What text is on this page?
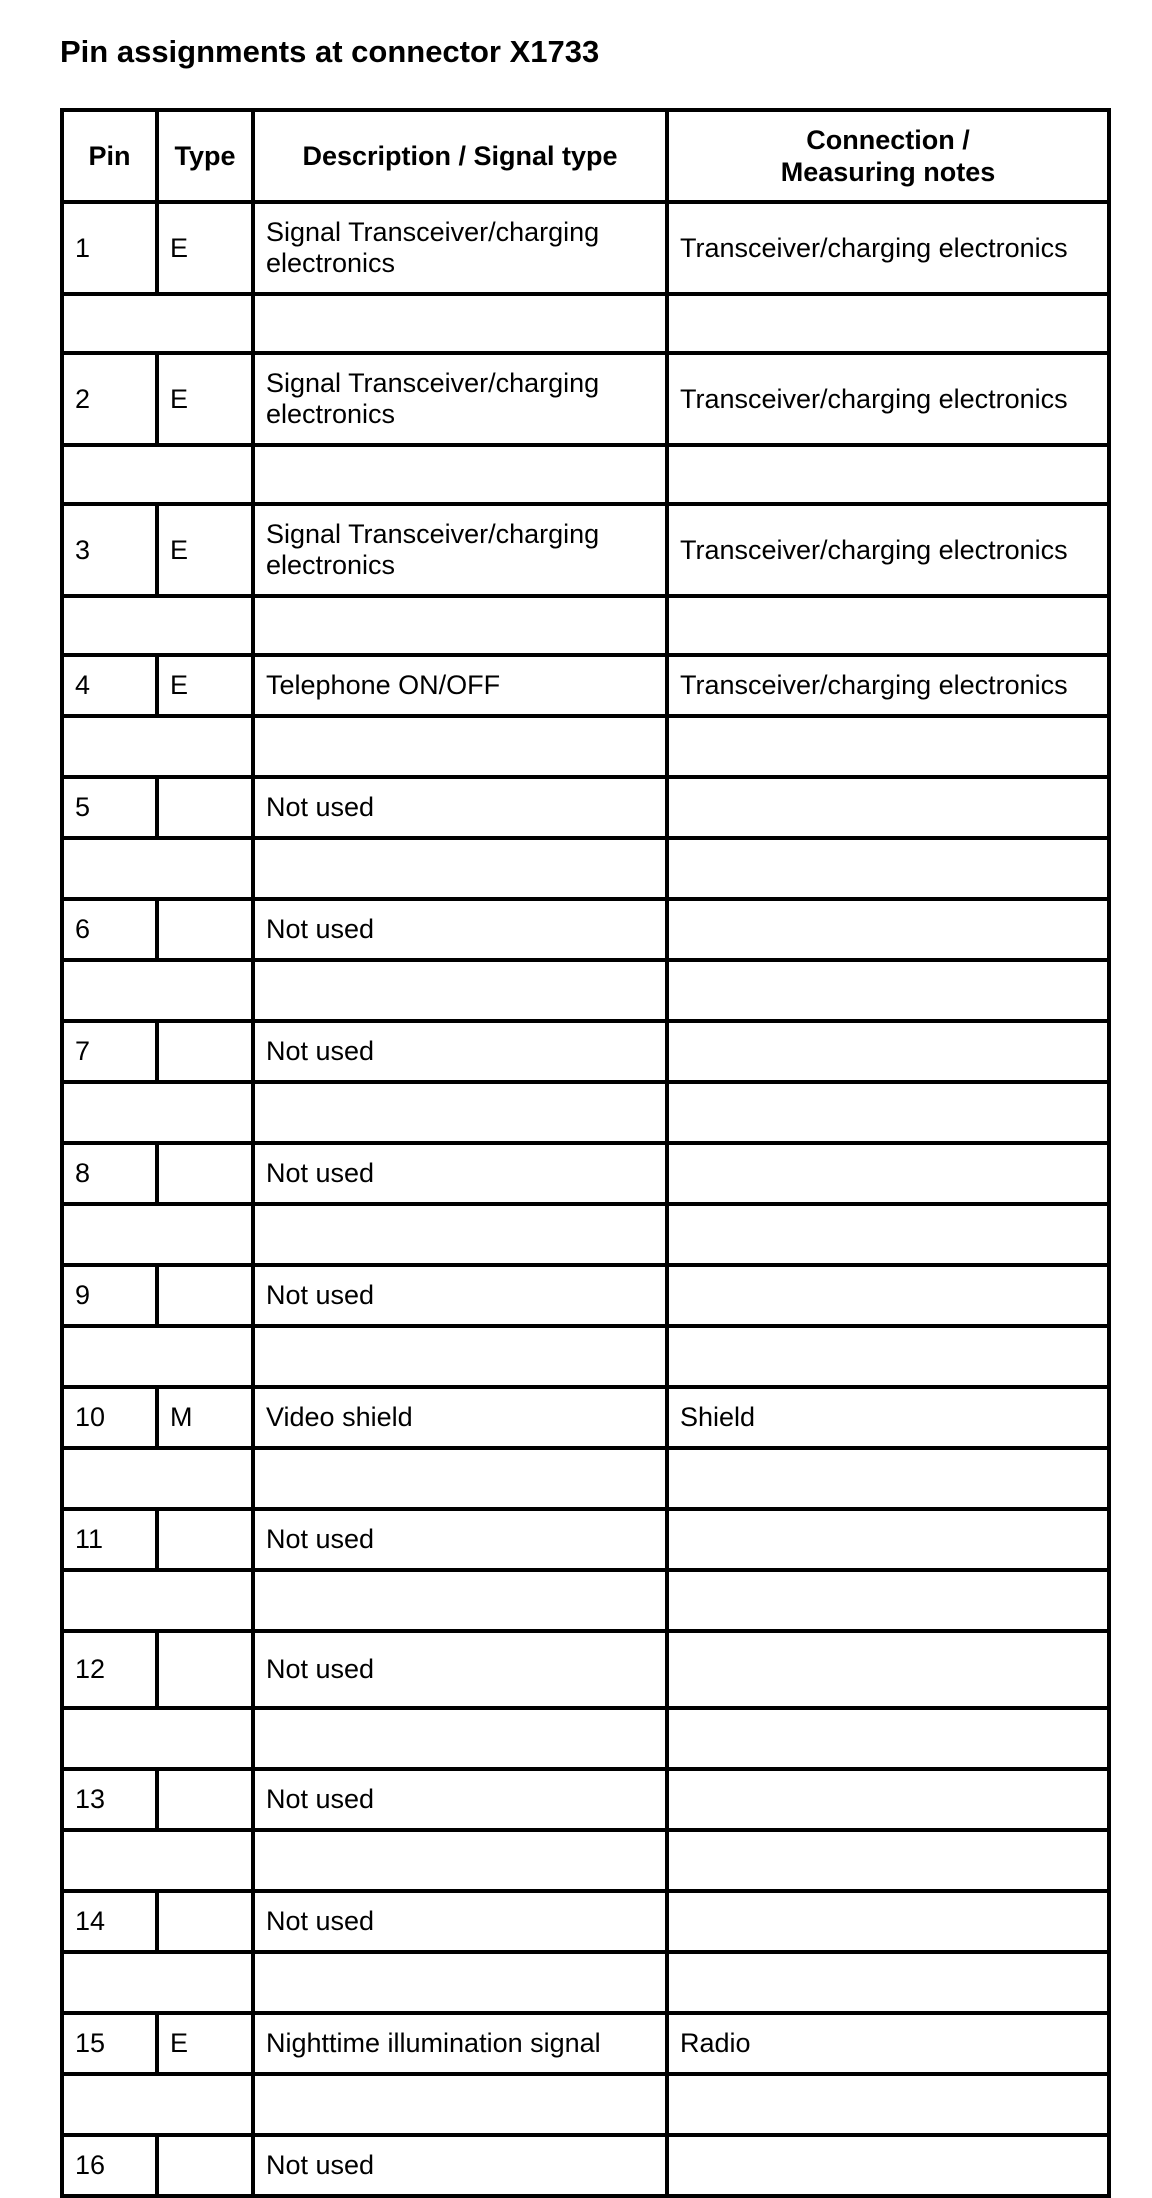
Pin assignments at connector X1733
Pin	Type	Description / Signal type	Connection /
Measuring notes
1	E	Signal Transceiver/charging electronics	Transceiver/charging electronics

2	E	Signal Transceiver/charging electronics	Transceiver/charging electronics

3	E	Signal Transceiver/charging electronics	Transceiver/charging electronics

4	E	Telephone ON/OFF	Transceiver/charging electronics

5		Not used	

6		Not used	

7		Not used	

8		Not used	

9		Not used	

10	M	Video shield	Shield

11		Not used	

12		Not used	

13		Not used	

14		Not used	

15	E	Nighttime illumination signal	Radio

16		Not used	
